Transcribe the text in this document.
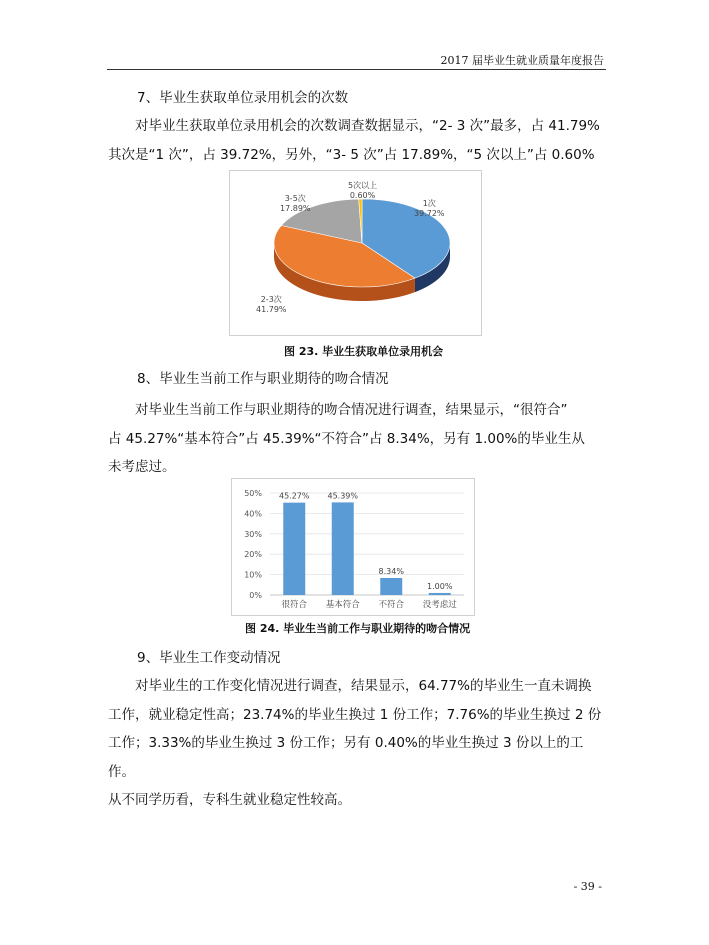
2017 届毕业生就业质量年度报告
7、毕业生获取单位录用机会的次数
对毕业生获取单位录用机会的次数调查数据显示，“2- 3 次”最多，占 41.79%
其次是“1 次”，占 39.72%，另外，“3- 5 次”占 17.89%，“5 次以上”占 0.60%
1次
39.72%
2-3次
41.79%
3-5次
17.89%
5次以上
0.60%
图 23. 毕业生获取单位录用机会
8、毕业生当前工作与职业期待的吻合情况
对毕业生当前工作与职业期待的吻合情况进行调查，结果显示，“很符合”
占 45.27%“基本符合”占 45.39%“不符合”占 8.34%，另有 1.00%的毕业生从
未考虑过。
0%
10%
20%
30%
40%
50% 45.27%
很符合
45.39%
基本符合
8.34%
不符合
1.00%
没考虑过
图 24. 毕业生当前工作与职业期待的吻合情况
9、毕业生工作变动情况
对毕业生的工作变化情况进行调查，结果显示，64.77%的毕业生一直未调换
工作，就业稳定性高；23.74%的毕业生换过 1 份工作；7.76%的毕业生换过 2 份
工作；3.33%的毕业生换过 3 份工作；另有 0.40%的毕业生换过 3 份以上的工作。
从不同学历看，专科生就业稳定性较高。
- 39 -
